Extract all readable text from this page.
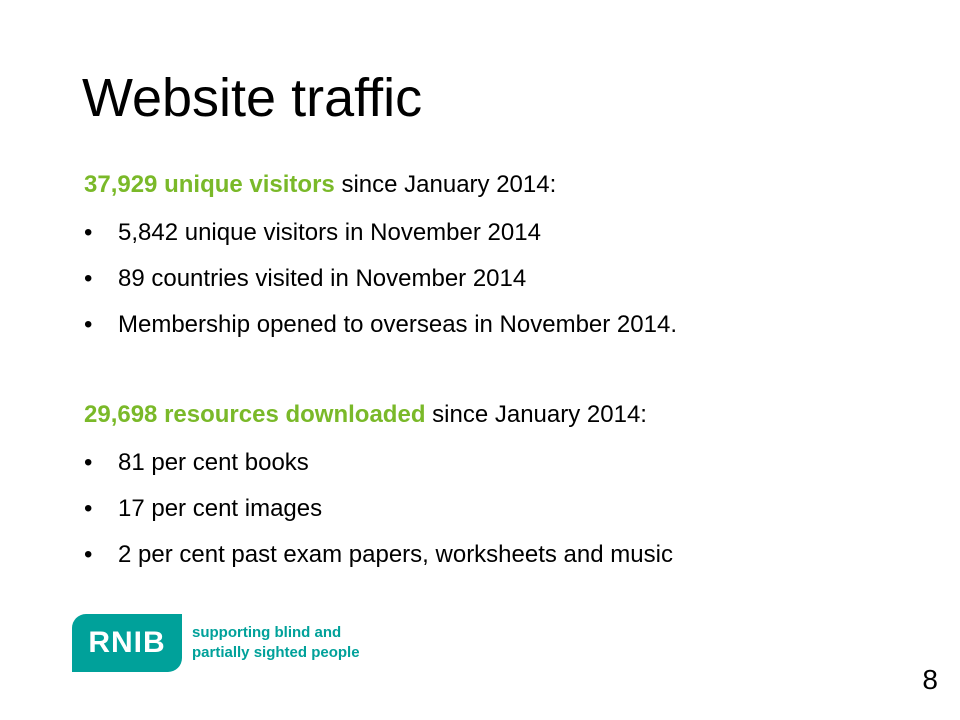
Website traffic
37,929 unique visitors since January 2014:
• 5,842 unique visitors in November 2014
• 89 countries visited in November 2014
• Membership opened to overseas in November 2014.
29,698 resources downloaded since January 2014:
• 81 per cent books
• 17 per cent images
• 2 per cent past exam papers, worksheets and music
RNIB	supporting blind and
partially sighted people
8
